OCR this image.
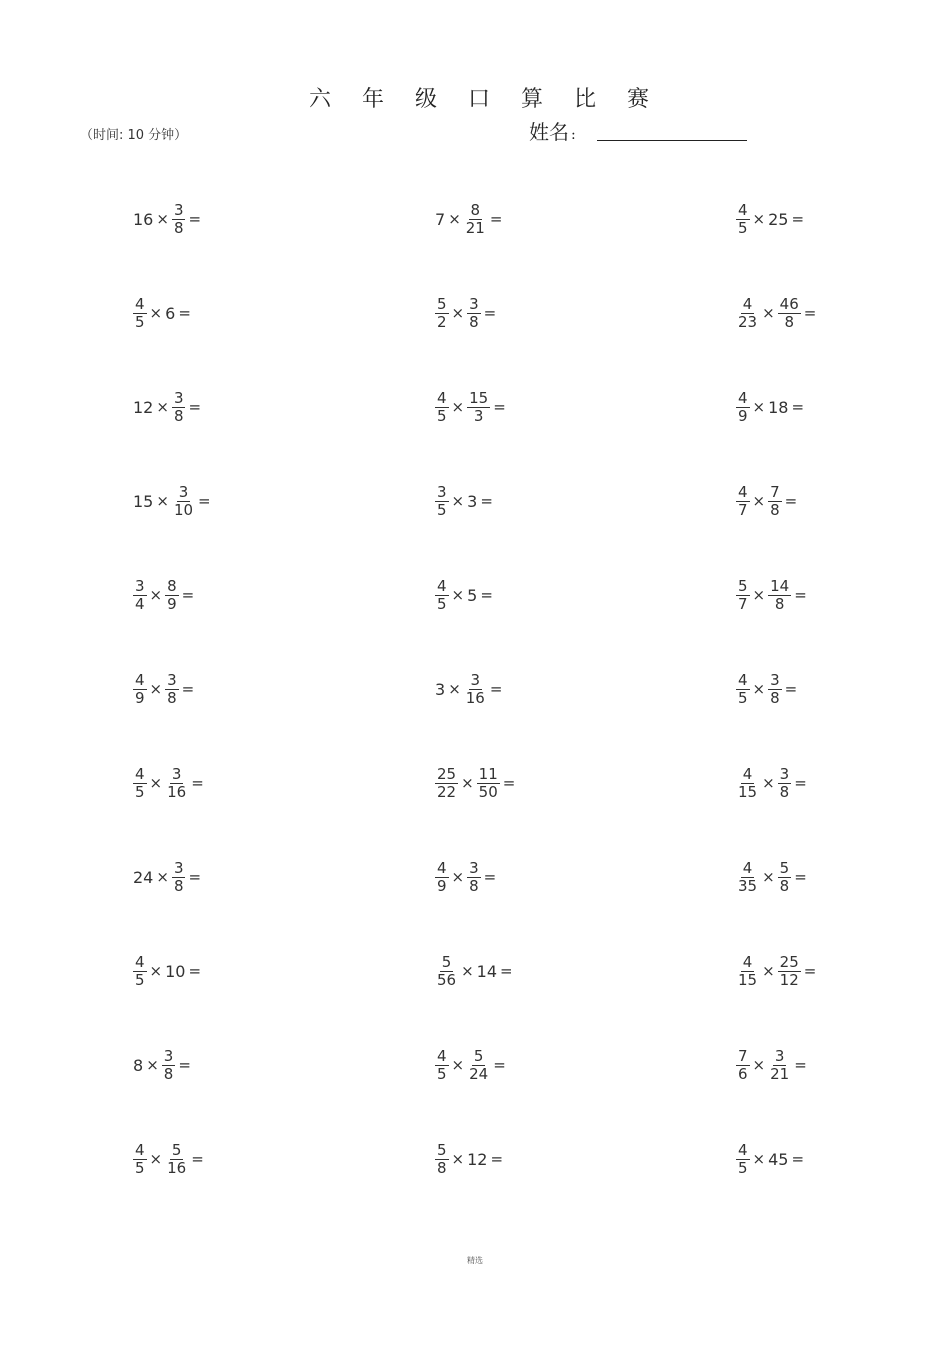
六 年 级 口 算 比 赛
（时间: 10 分钟）	姓名 :
$16 \times \frac{3}{8}$ =	$7 \times \frac{8}{21}$ =	$\frac{4}{5} \times 25$ =
$\frac{4}{5} \times 6$ =	$\frac{5}{2} \times \frac{3}{8}$ =	$\frac{4}{23} \times \frac{46}{8}$ =
$12 \times \frac{3}{8}$ =	$\frac{4}{5} \times \frac{15}{3}$ =	$\frac{4}{9} \times 18$ =
$15 \times \frac{3}{10}$ =	$\frac{3}{5} \times 3$ =	$\frac{4}{7} \times \frac{7}{8}$ =
$\frac{3}{4} \times \frac{8}{9}$ =	$\frac{4}{5} \times 5$ =	$\frac{5}{7} \times \frac{14}{8}$ =
$\frac{4}{9} \times \frac{3}{8}$ =	$3 \times \frac{3}{16}$ =	$\frac{4}{5} \times \frac{3}{8}$ =
$\frac{4}{5} \times \frac{3}{16}$ =	$\frac{25}{22} \times \frac{11}{50}$ =	$\frac{4}{15} \times \frac{3}{8}$ =
$24 \times \frac{3}{8}$ =	$\frac{4}{9} \times \frac{3}{8}$ =	$\frac{4}{35} \times \frac{5}{8}$ =
$\frac{4}{5} \times 10$ =	$\frac{5}{56} \times 14$ =	$\frac{4}{15} \times \frac{25}{12}$ =
$8 \times \frac{3}{8}$ =	$\frac{4}{5} \times \frac{5}{24}$ =	$\frac{7}{6} \times \frac{3}{21}$ =
$\frac{4}{5} \times \frac{5}{16}$ =	$\frac{5}{8} \times 12$ =	$\frac{4}{5} \times 45$ =
精选
